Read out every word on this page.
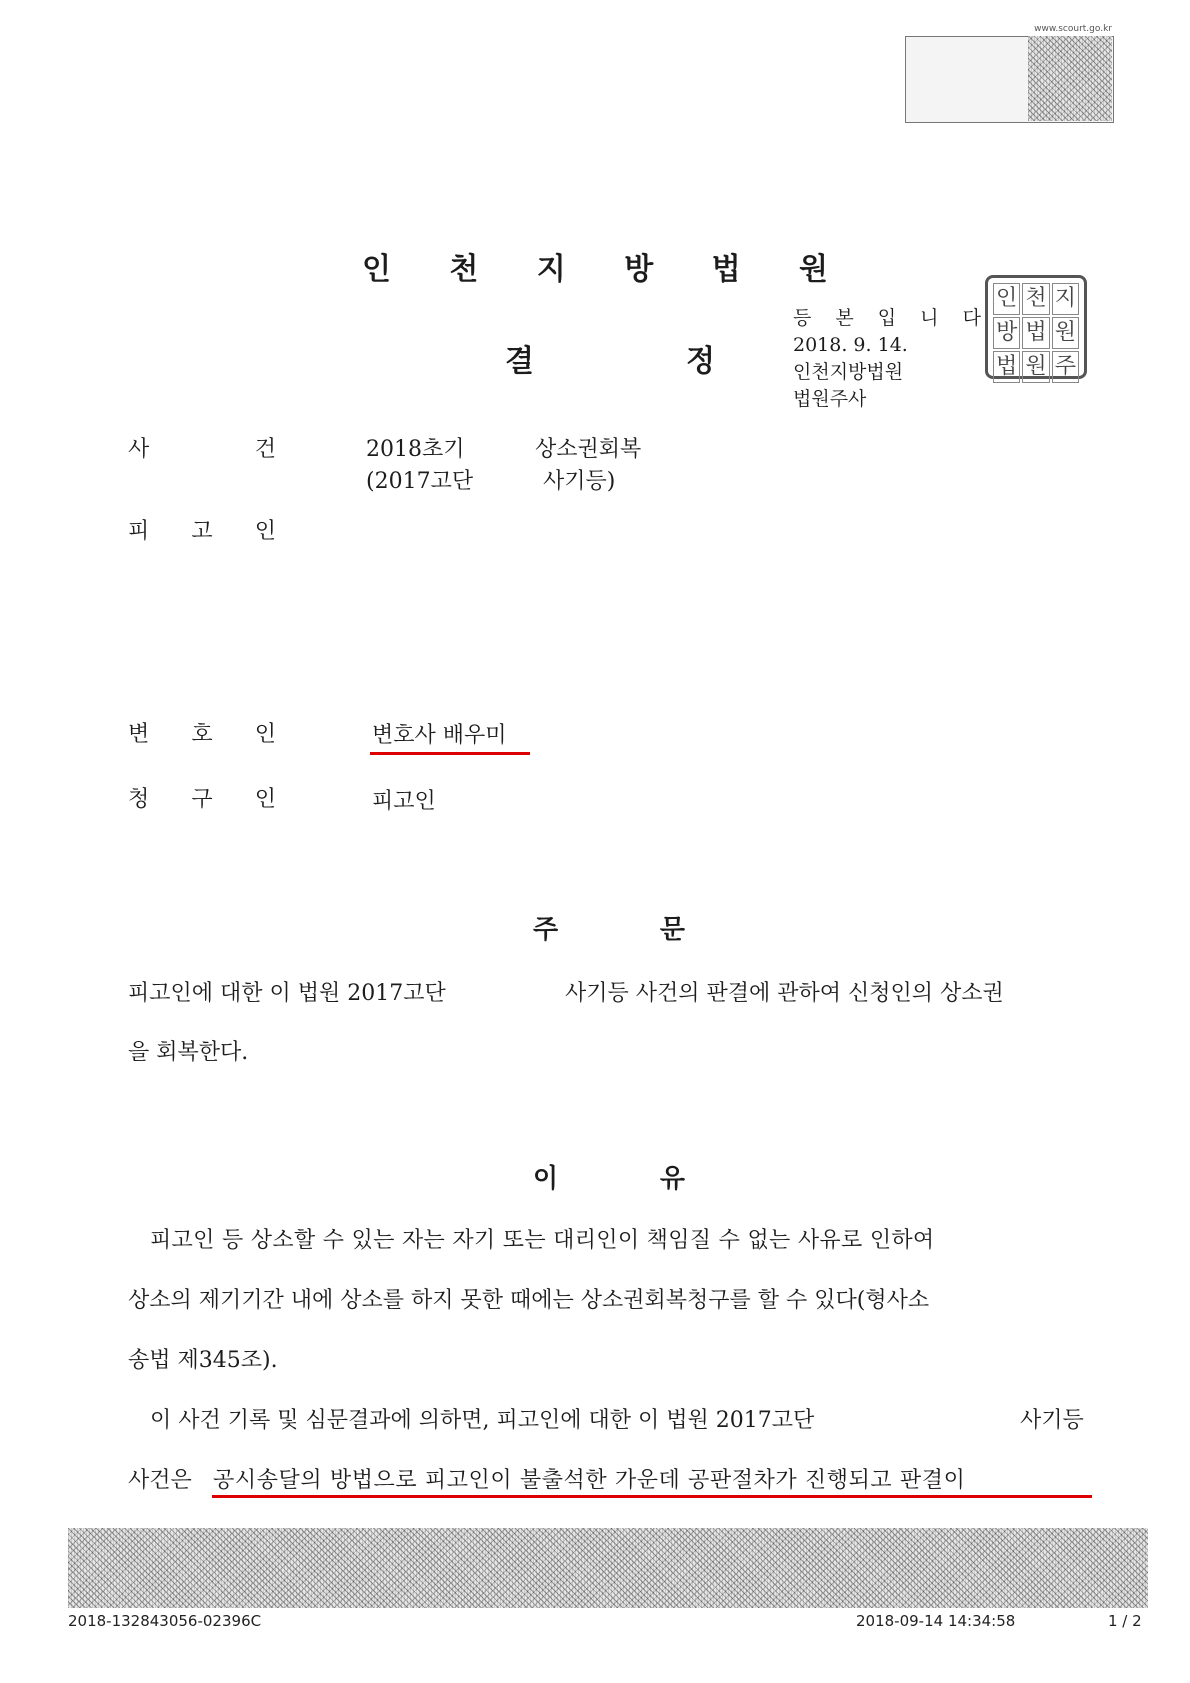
www.scourt.go.kr
인 천 지 방 법 원
결	정
등 본 입 니 다
2018. 9. 14.
인천지방법원
법원주사
인 천 지
방 법 원
법 원 주
사	건	2018초기	상소권회복
(2017고단	사기등)
피 고 인
변 호 인	변호사 배우미
청 구 인	피고인
주	문
피고인에 대한 이 법원 2017고단	사기등 사건의 판결에 관하여 신청인의 상소권
을 회복한다.
이	유
피고인 등 상소할 수 있는 자는 자기 또는 대리인이 책임질 수 없는 사유로 인하여
상소의 제기기간 내에 상소를 하지 못한 때에는 상소권회복청구를 할 수 있다(형사소
송법 제345조).
이 사건 기록 및 심문결과에 의하면, 피고인에 대한 이 법원 2017고단	사기등
사건은 공시송달의 방법으로 피고인이 불출석한 가운데 공판절차가 진행되고 판결이
2018-132843056-02396C	2018-09-14 14:34:58	1 / 2
